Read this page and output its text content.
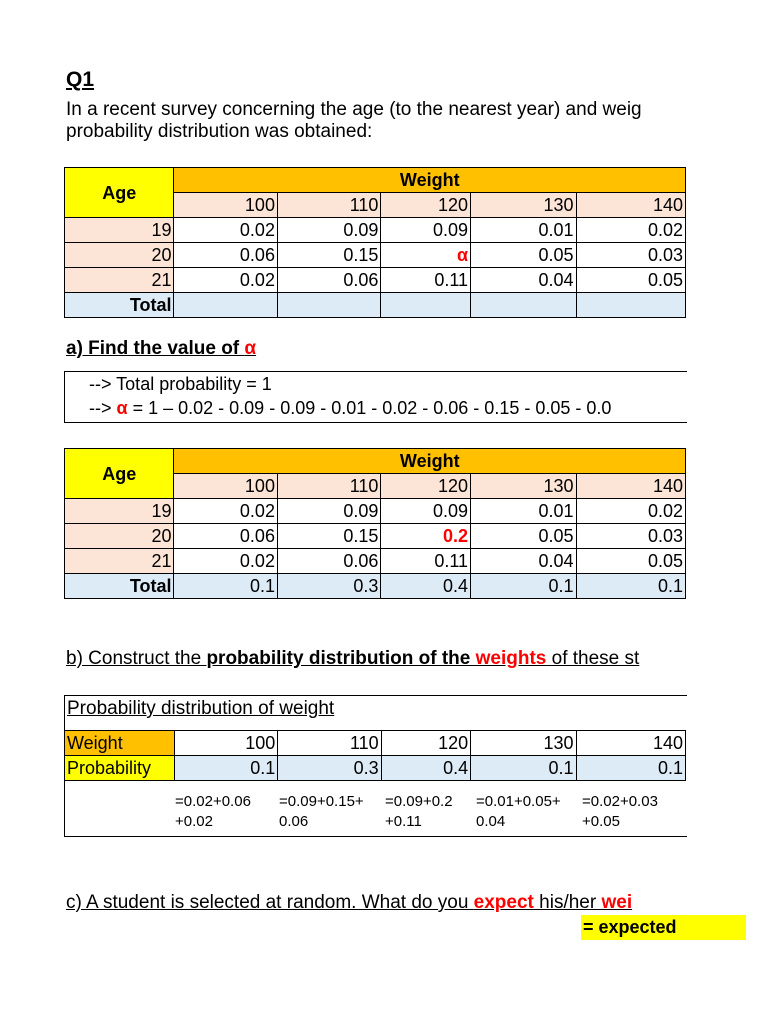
Q1
In a recent survey concerning the age (to the nearest year) and weig
probability distribution was obtained:
Age	Weight				
	100	110	120	130	140
19	0.02	0.09	0.09	0.01	0.02
20	0.06	0.15	α	0.05	0.03
21	0.02	0.06	0.11	0.04	0.05
Total					
a) Find the value of α
--> Total probability = 1
--> α = 1 – 0.02 - 0.09 - 0.09 - 0.01 - 0.02 - 0.06 - 0.15 - 0.05 - 0.0
Age	Weight				
	100	110	120	130	140
19	0.02	0.09	0.09	0.01	0.02
20	0.06	0.15	0.2	0.05	0.03
21	0.02	0.06	0.11	0.04	0.05
Total	0.1	0.3	0.4	0.1	0.1
b) Construct the probability distribution of the weights of these st
Probability distribution of weight
Weight	100	110	120	130	140
Probability	0.1	0.3	0.4	0.1	0.1
=0.02+0.06
+0.02
=0.09+0.15+
0.06
=0.09+0.2
+0.11
=0.01+0.05+
0.04
=0.02+0.03
+0.05
c) A student is selected at random. What do you expect his/her wei
= expected
